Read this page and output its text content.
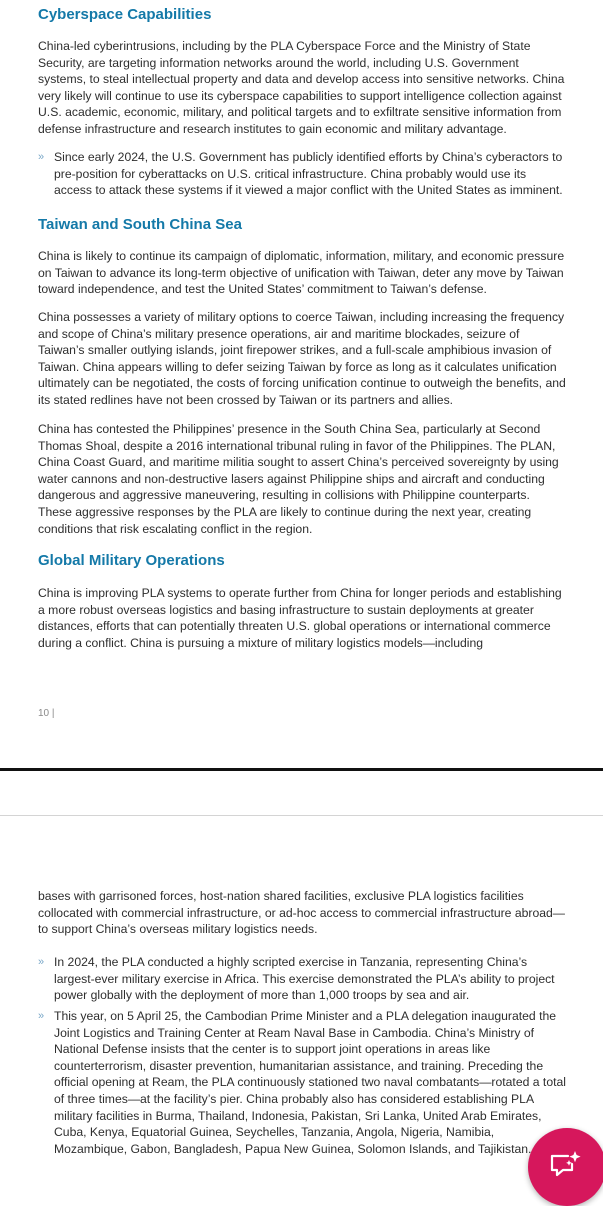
Cyberspace Capabilities

China-led cyberintrusions, including by the PLA Cyberspace Force and the Ministry of State Security, are targeting information networks around the world, including U.S. Government systems, to steal intellectual property and data and develop access into sensitive networks. China very likely will continue to use its cyberspace capabilities to support intelligence collection against U.S. academic, economic, military, and political targets and to exfiltrate sensitive information from defense infrastructure and research institutes to gain economic and military advantage.

» Since early 2024, the U.S. Government has publicly identified efforts by China’s cyberactors to pre-position for cyberattacks on U.S. critical infrastructure. China probably would use its access to attack these systems if it viewed a major conflict with the United States as imminent.

Taiwan and South China Sea

China is likely to continue its campaign of diplomatic, information, military, and economic pressure on Taiwan to advance its long-term objective of unification with Taiwan, deter any move by Taiwan toward independence, and test the United States’ commitment to Taiwan’s defense.

China possesses a variety of military options to coerce Taiwan, including increasing the frequency and scope of China’s military presence operations, air and maritime blockades, seizure of Taiwan’s smaller outlying islands, joint firepower strikes, and a full-scale amphibious invasion of Taiwan. China appears willing to defer seizing Taiwan by force as long as it calculates unification ultimately can be negotiated, the costs of forcing unification continue to outweigh the benefits, and its stated redlines have not been crossed by Taiwan or its partners and allies.

China has contested the Philippines’ presence in the South China Sea, particularly at Second Thomas Shoal, despite a 2016 international tribunal ruling in favor of the Philippines. The PLAN, China Coast Guard, and maritime militia sought to assert China’s perceived sovereignty by using water cannons and non-destructive lasers against Philippine ships and aircraft and conducting dangerous and aggressive maneuvering, resulting in collisions with Philippine counterparts. These aggressive responses by the PLA are likely to continue during the next year, creating conditions that risk escalating conflict in the region.

Global Military Operations

China is improving PLA systems to operate further from China for longer periods and establishing a more robust overseas logistics and basing infrastructure to sustain deployments at greater distances, efforts that can potentially threaten U.S. global operations or international commerce during a conflict. China is pursuing a mixture of military logistics models—including

10 |

bases with garrisoned forces, host-nation shared facilities, exclusive PLA logistics facilities collocated with commercial infrastructure, or ad-hoc access to commercial infrastructure abroad—to support China’s overseas military logistics needs.

» In 2024, the PLA conducted a highly scripted exercise in Tanzania, representing China’s largest-ever military exercise in Africa. This exercise demonstrated the PLA’s ability to project power globally with the deployment of more than 1,000 troops by sea and air.

» This year, on 5 April 25, the Cambodian Prime Minister and a PLA delegation inaugurated the Joint Logistics and Training Center at Ream Naval Base in Cambodia. China’s Ministry of National Defense insists that the center is to support joint operations in areas like counterterrorism, disaster prevention, humanitarian assistance, and training. Preceding the official opening at Ream, the PLA continuously stationed two naval combatants—rotated a total of three times—at the facility’s pier. China probably also has considered establishing PLA military facilities in Burma, Thailand, Indonesia, Pakistan, Sri Lanka, United Arab Emirates, Cuba, Kenya, Equatorial Guinea, Seychelles, Tanzania, Angola, Nigeria, Namibia, Mozambique, Gabon, Bangladesh, Papua New Guinea, Solomon Islands, and Tajikistan.
